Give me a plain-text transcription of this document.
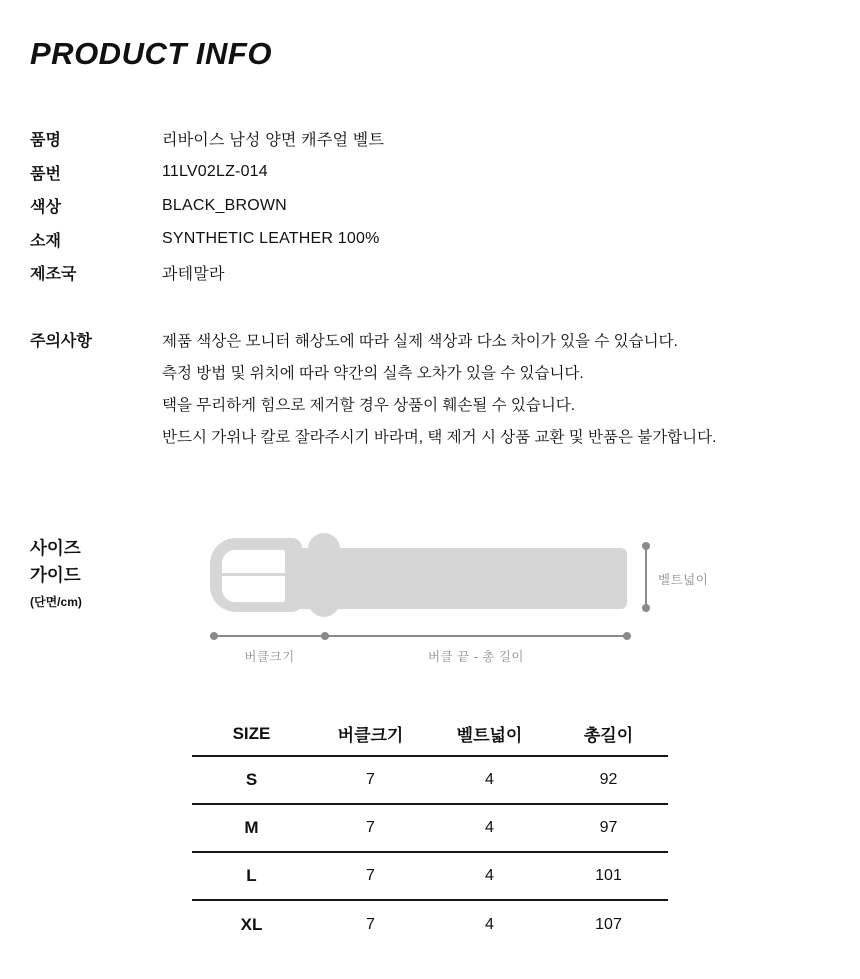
PRODUCT INFO
품명	리바이스 남성 양면 캐주얼 벨트
품번	11LV02LZ-014
색상	BLACK_BROWN
소재	SYNTHETIC LEATHER 100%
제조국	과테말라
주의사항	제품 색상은 모니터 해상도에 따라 실제 색상과 다소 차이가 있을 수 있습니다.
측정 방법 및 위치에 따라 약간의 실측 오차가 있을 수 있습니다.
택을 무리하게 힘으로 제거할 경우 상품이 훼손될 수 있습니다.
반드시 가위나 칼로 잘라주시기 바라며, 택 제거 시 상품 교환 및 반품은 불가합니다.
사이즈
가이드
(단면/cm)
벨트넓이
버클크기	버클 끝 - 총 길이
SIZE	버클크기	벨트넓이	총길이
S	7	4	92
M	7	4	97
L	7	4	101
XL	7	4	107
